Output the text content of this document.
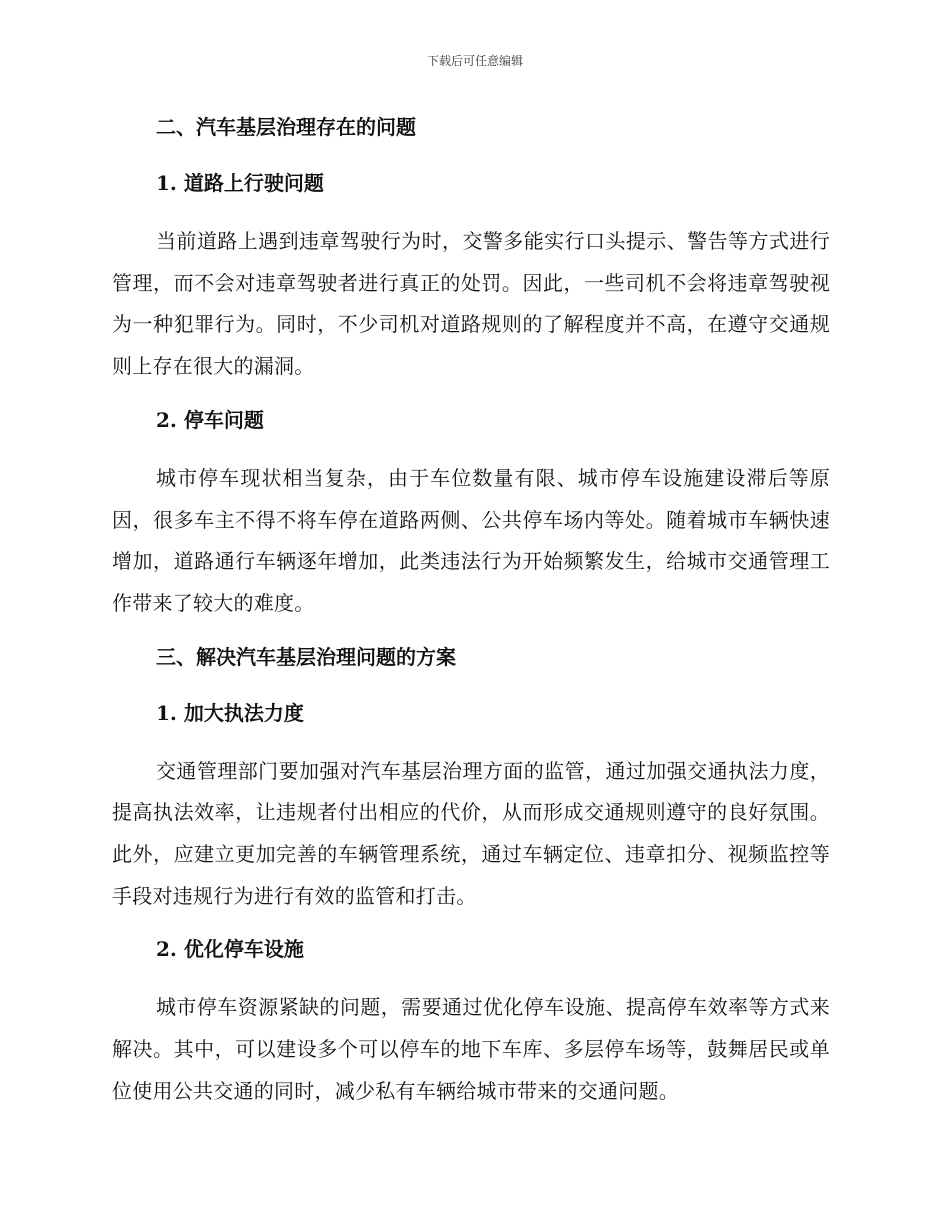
下载后可任意编辑
二、汽车基层治理存在的问题
1. 道路上行驶问题

当前道路上遇到违章驾驶行为时，交警多能实行口头提示、警告等方式进行管理，而不会对违章驾驶者进行真正的处罚。因此，一些司机不会将违章驾驶视为一种犯罪行为。同时，不少司机对道路规则的了解程度并不高，在遵守交通规则上存在很大的漏洞。

2. 停车问题

城市停车现状相当复杂，由于车位数量有限、城市停车设施建设滞后等原因，很多车主不得不将车停在道路两侧、公共停车场内等处。随着城市车辆快速增加，道路通行车辆逐年增加，此类违法行为开始频繁发生，给城市交通管理工作带来了较大的难度。

三、解决汽车基层治理问题的方案
1. 加大执法力度

交通管理部门要加强对汽车基层治理方面的监管，通过加强交通执法力度，提高执法效率，让违规者付出相应的代价，从而形成交通规则遵守的良好氛围。此外，应建立更加完善的车辆管理系统，通过车辆定位、违章扣分、视频监控等手段对违规行为进行有效的监管和打击。

2. 优化停车设施

城市停车资源紧缺的问题，需要通过优化停车设施、提高停车效率等方式来解决。其中，可以建设多个可以停车的地下车库、多层停车场等，鼓舞居民或单位使用公共交通的同时，减少私有车辆给城市带来的交通问题。
